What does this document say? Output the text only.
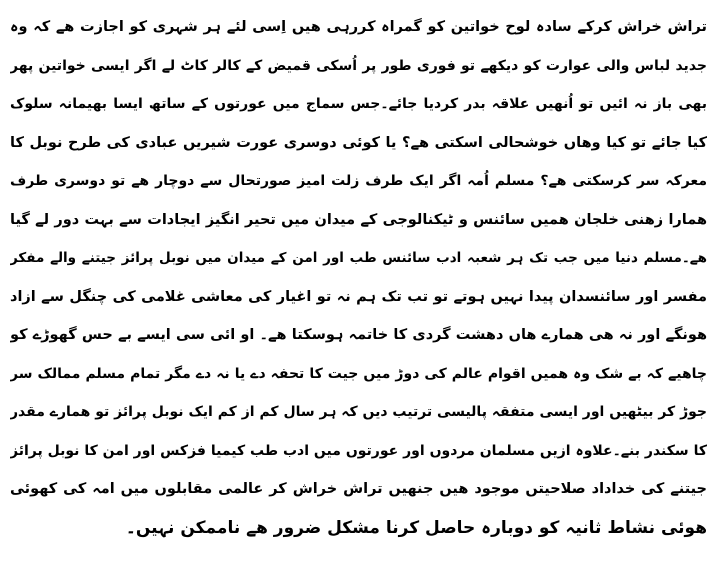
تراش خراش کرکے سادہ لوح خواتین کو گمراہ کررہی ھیں اِسی لئے ہر شہری کو اجازت ھے کہ وہ
جدید لباس والی عوارت کو دیکھے تو فوری طور پر اُسکی قمیض کے کالر کاٹ لے اگر ایسی خواتین پھر
بھی باز نہ ائیں تو اُنھیں علاقہ بدر کردیا جائے۔جس سماج میں عورتوں کے ساتھ ایسا بھیمانہ سلوک
کیا جائے تو کیا وھاں خوشحالی اسکتی ھے؟ یا کوئی دوسری عورت شیریں عبادی کی طرح نوبل کا
معرکہ سر کرسکتی ھے؟ مسلم اُمہ اگر ایک طرف زلت امیز صورتحال سے دوچار ھے تو دوسری طرف
ھمارا زھنی خلجان ھمیں سائنس و ٹیکنالوجی کے میدان میں تحیر انگیز ایجادات سے بہت دور لے گیا
ھے۔مسلم دنیا میں جب تک ہر شعبہ ادب سائنس طب اور امن کے میدان میں نوبل پرائز جیتنے والے مفکر
مفسر اور سائنسدان پیدا نہیں ہوتے تو تب تک ہم نہ تو اغیار کی معاشی غلامی کی چنگل سے ازاد
ھونگے اور نہ ھی ھمارے ھاں دھشت گردی کا خاتمہ ہوسکتا ھے۔ او ائی سی ایسے بے حس گھوڑے کو
چاھیے کہ بے شک وہ ھمیں اقوام عالم کی دوڑ میں جیت کا تحفہ دے یا نہ دے مگر تمام مسلم ممالک سر
جوڑ کر بیٹھیں اور ایسی متفقہ پالیسی ترتیب دیں کہ ہر سال کم از کم ایک نوبل پرائز تو ھمارے مقدر
کا سکندر بنے۔علاوہ ازیں مسلمان مردوں اور عورتوں میں ادب طب کیمیا فزکس اور امن کا نوبل پرائز
جیتنے کی خداداد صلاحیتں موجود ھیں جنھیں تراش خراش کر عالمی مقابلوں میں امہ کی کھوئی
ھوئی نشاط ثانیہ کو دوبارہ حاصل کرنا مشکل ضرور ھے ناممکن نہیں۔
